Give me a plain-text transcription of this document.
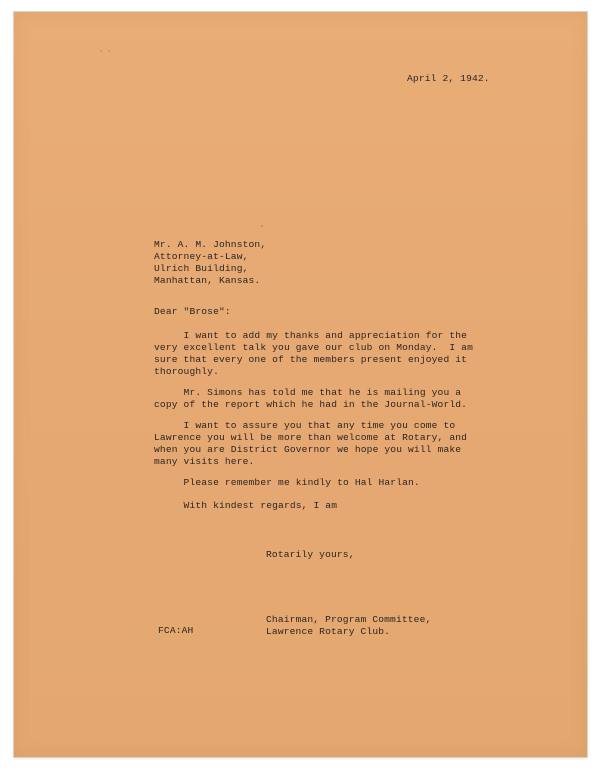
April 2, 1942.
Mr. A. M. Johnston,
Attorney-at-Law,
Ulrich Building,
Manhattan, Kansas.
Dear "Brose":
I want to add my thanks and appreciation for the
very excellent talk you gave our club on Monday.  I am
sure that every one of the members present enjoyed it
thoroughly.
Mr. Simons has told me that he is mailing you a
copy of the report which he had in the Journal-World.
I want to assure you that any time you come to
Lawrence you will be more than welcome at Rotary, and
when you are District Governor we hope you will make
many visits here.
Please remember me kindly to Hal Harlan.
With kindest regards, I am
Rotarily yours,
Chairman, Program Committee,
Lawrence Rotary Club.
FCA:AH
